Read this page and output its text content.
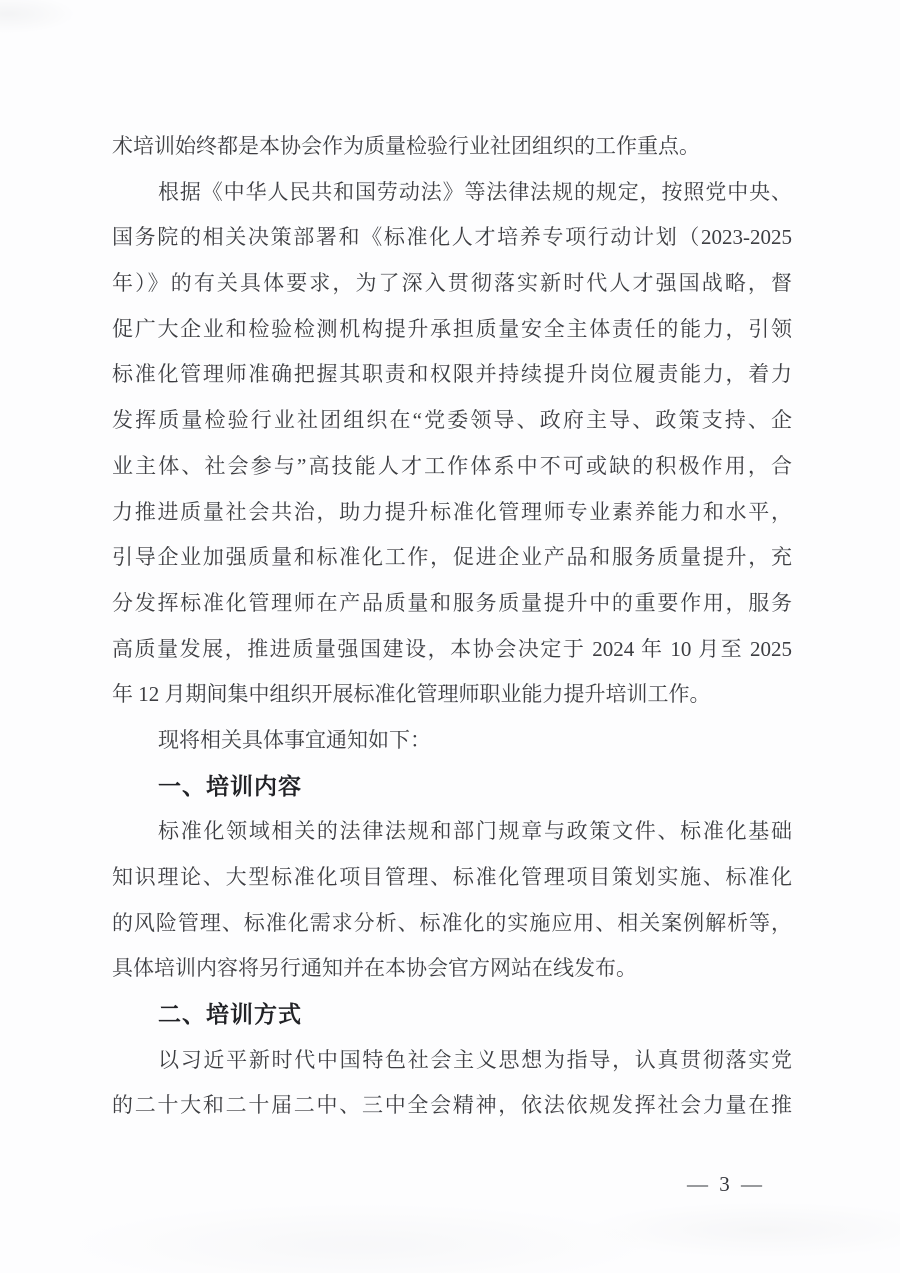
术培训始终都是本协会作为质量检验行业社团组织的工作重点。
根据《中华人民共和国劳动法》等法律法规的规定，按照党中央、
国务院的相关决策部署和《标准化人才培养专项行动计划（2023-2025
年）》的有关具体要求，为了深入贯彻落实新时代人才强国战略，督
促广大企业和检验检测机构提升承担质量安全主体责任的能力，引领
标准化管理师准确把握其职责和权限并持续提升岗位履责能力，着力
发挥质量检验行业社团组织在“党委领导、政府主导、政策支持、企
业主体、社会参与”高技能人才工作体系中不可或缺的积极作用，合
力推进质量社会共治，助力提升标准化管理师专业素养能力和水平，
引导企业加强质量和标准化工作，促进企业产品和服务质量提升，充
分发挥标准化管理师在产品质量和服务质量提升中的重要作用，服务
高质量发展，推进质量强国建设，本协会决定于 2024 年 10 月至 2025
年 12 月期间集中组织开展标准化管理师职业能力提升培训工作。
现将相关具体事宜通知如下：
一、培训内容
标准化领域相关的法律法规和部门规章与政策文件、标准化基础
知识理论、大型标准化项目管理、标准化管理项目策划实施、标准化
的风险管理、标准化需求分析、标准化的实施应用、相关案例解析等，
具体培训内容将另行通知并在本协会官方网站在线发布。
二、培训方式
以习近平新时代中国特色社会主义思想为指导，认真贯彻落实党
的二十大和二十届二中、三中全会精神，依法依规发挥社会力量在推
— 3 —
